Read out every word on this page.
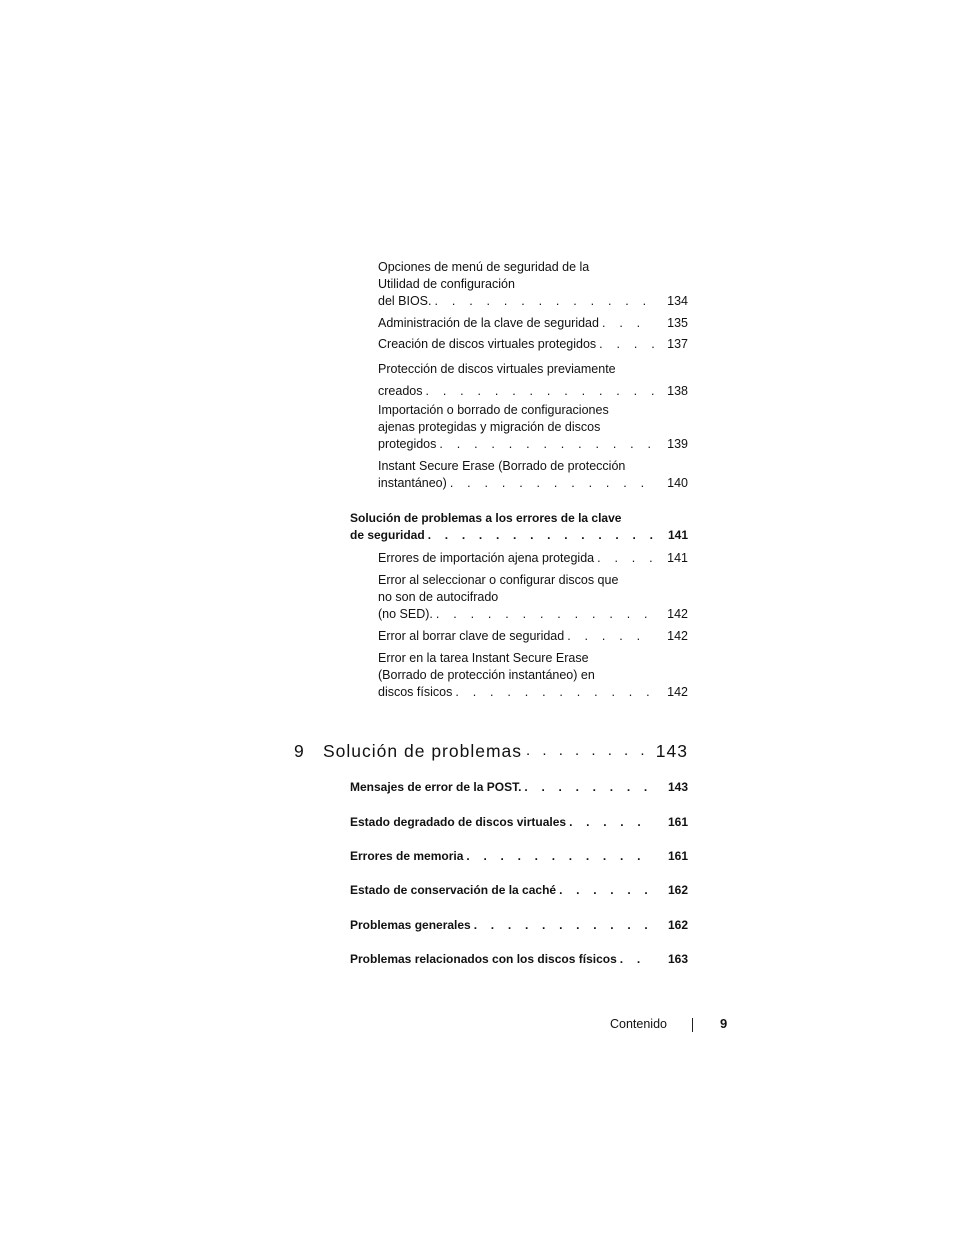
Opciones de menú de seguridad de la
Utilidad de configuración
del BIOS. . . .	134
Administración de la clave de seguridad . . .	135
Creación de discos virtuales protegidos . . .	137
Protección de discos virtuales previamente
creados . . .	138
Importación o borrado de configuraciones
ajenas protegidas y migración de discos
protegidos . . .	139
Instant Secure Erase (Borrado de protección
instantáneo) . . .	140
Solución de problemas a los errores de la clave
de seguridad . . .	141
Errores de importación ajena protegida . . .	141
Error al seleccionar o configurar discos que
no son de autocifrado
(no SED). . . .	142
Error al borrar clave de seguridad . . .	142
Error en la tarea Instant Secure Erase
(Borrado de protección instantáneo) en
discos físicos . . .	142
9	Solución de problemas . . .	143
Mensajes de error de la POST. . . .	143
Estado degradado de discos virtuales . . .	161
Errores de memoria . . .	161
Estado de conservación de la caché . . .	162
Problemas generales . . .	162
Problemas relacionados con los discos físicos . . .	163
Contenido	9
